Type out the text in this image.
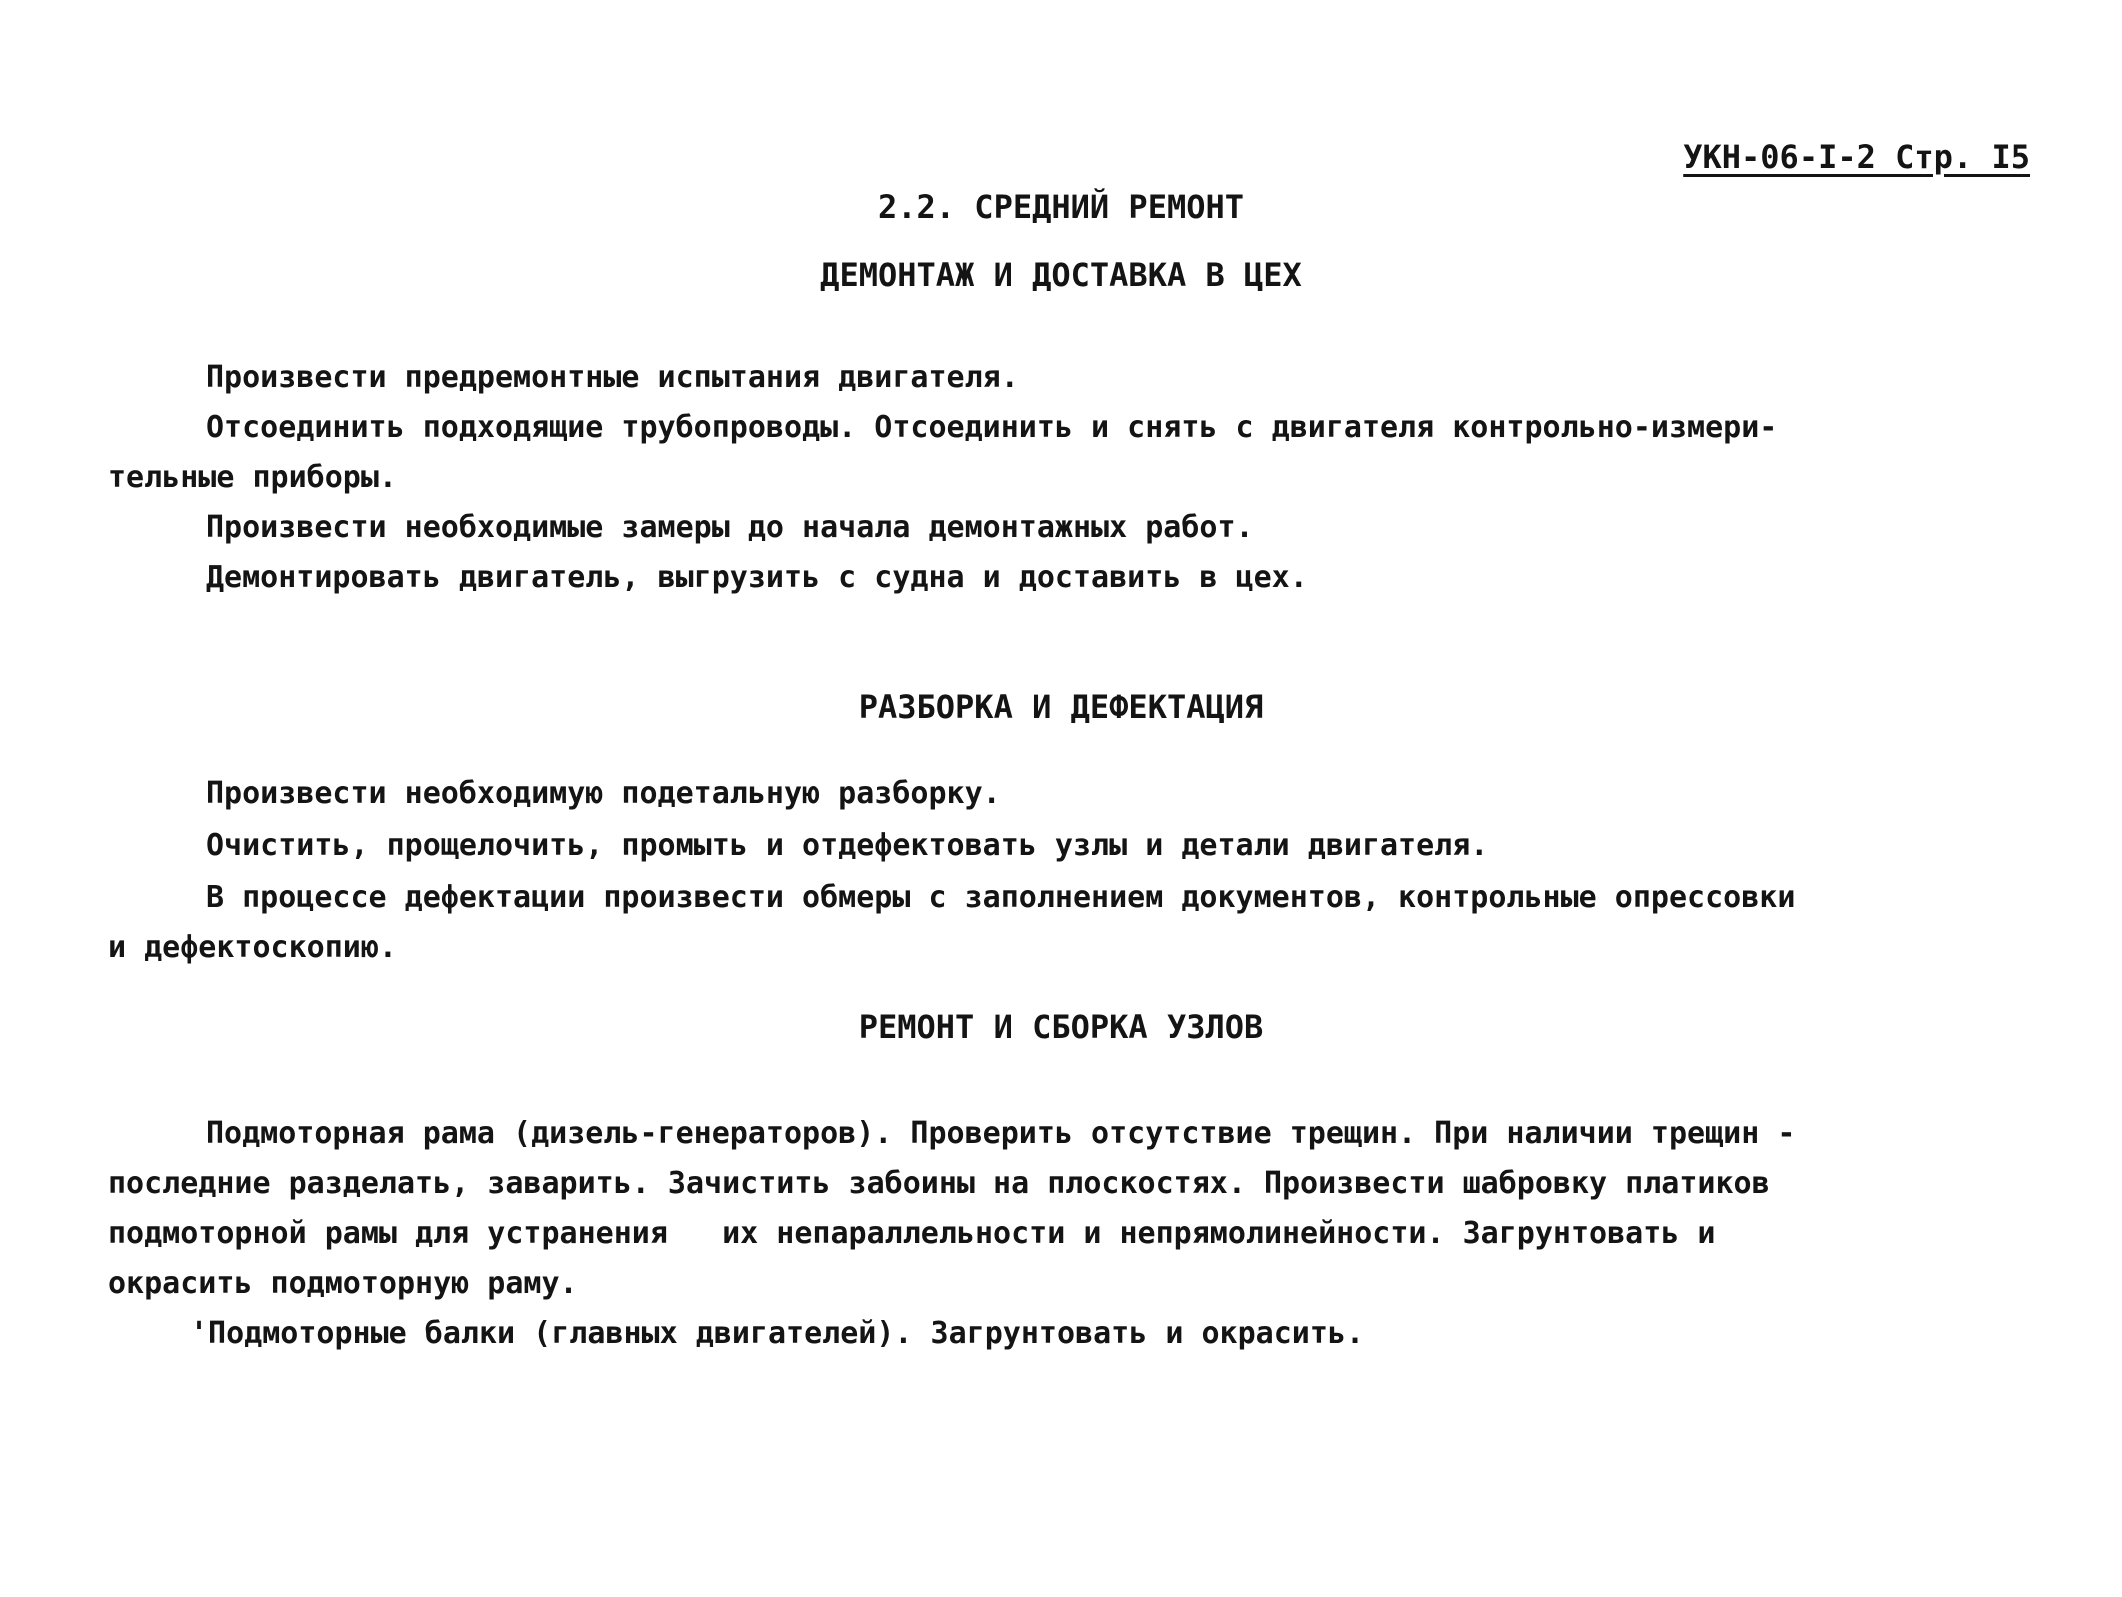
УКН-06-I-2 Стр. I5
2.2. СРЕДНИЙ РЕМОНТ
ДЕМОНТАЖ И ДОСТАВКА В ЦЕХ
Произвести предремонтные испытания двигателя.
Отсоединить подходящие трубопроводы. Отсоединить и снять с двигателя контрольно-измери-
тельные приборы.
Произвести необходимые замеры до начала демонтажных работ.
Демонтировать двигатель, выгрузить с судна и доставить в цех.
РАЗБОРКА И ДЕФЕКТАЦИЯ
Произвести необходимую подетальную разборку.
Очистить, прощелочить, промыть и отдефектовать узлы и детали двигателя.
В процессе дефектации произвести обмеры с заполнением документов, контрольные опрессовки
и дефектоскопию.
РЕМОНТ И СБОРКА УЗЛОВ
Подмоторная рама (дизель-генераторов). Проверить отсутствие трещин. При наличии трещин -
последние разделать, заварить. Зачистить забоины на плоскостях. Произвести шабровку платиков
подмоторной рамы для устранения   их непараллельности и непрямолинейности. Загрунтовать и
окрасить подмоторную раму.
'Подмоторные балки (главных двигателей). Загрунтовать и окрасить.
